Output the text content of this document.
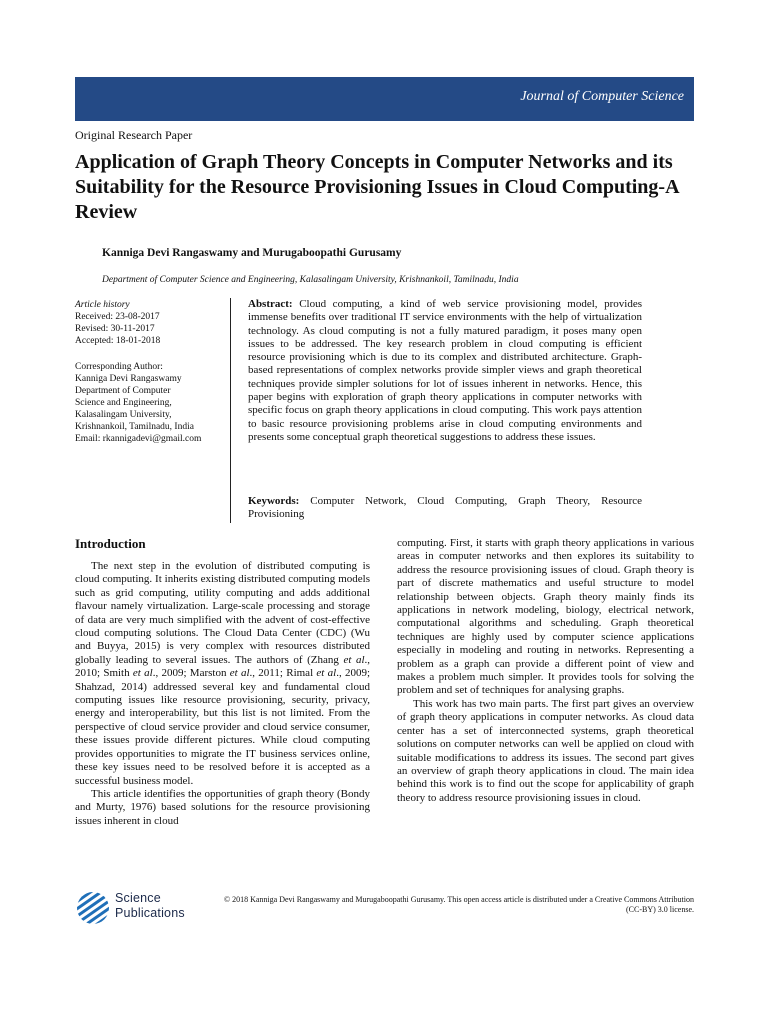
Journal of Computer Science
Original Research Paper
Application of Graph Theory Concepts in Computer Networks and its Suitability for the Resource Provisioning Issues in Cloud Computing-A Review
Kanniga Devi Rangaswamy and Murugaboopathi Gurusamy
Department of Computer Science and Engineering, Kalasalingam University, Krishnankoil, Tamilnadu, India

Article history

Received: 23-08-2017

Revised: 30-11-2017

Accepted: 18-01-2018

Corresponding Author:

Kanniga Devi Rangaswamy

Department of Computer

Science and Engineering,

Kalasalingam University,

Krishnankoil, Tamilnadu, India

Email: rkannigadevi@gmail.com

Abstract: Cloud computing, a kind of web service provisioning model, provides immense benefits over traditional IT service environments with the help of virtualization technology. As cloud computing is not a fully matured paradigm, it poses many open issues to be addressed. The key research problem in cloud computing is efficient resource provisioning which is due to its complex and distributed architecture. Graph-based representations of complex networks provide simpler views and graph theoretical techniques provide simpler solutions for lot of issues inherent in networks. Hence, this paper begins with exploration of graph theory applications in computer networks with specific focus on graph theory applications in cloud computing. This work pays attention to basic resource provisioning problems arise in cloud computing environments and presents some conceptual graph theoretical suggestions to address these issues.

Keywords: Computer Network, Cloud Computing, Graph Theory, Resource Provisioning

Introduction

The next step in the evolution of distributed computing is cloud computing. It inherits existing distributed computing models such as grid computing, utility computing and adds additional flavour namely virtualization. Large-scale processing and storage of data are very much simplified with the advent of cost-effective cloud computing solutions. The Cloud Data Center (CDC) (Wu and Buyya, 2015) is very complex with resources distributed globally leading to several issues. The authors of (Zhang et al., 2010; Smith et al., 2009; Marston et al., 2011; Rimal et al., 2009; Shahzad, 2014) addressed several key and fundamental cloud computing issues like resource provisioning, security, privacy, energy and interoperability, but this list is not limited. From the perspective of cloud service provider and cloud service consumer, these issues provide different pictures. While cloud computing provides opportunities to migrate the IT business services online, these key issues need to be resolved before it is accepted as a successful business model.

This article identifies the opportunities of graph theory (Bondy and Murty, 1976) based solutions for the resource provisioning issues inherent in cloud

computing. First, it starts with graph theory applications in various areas in computer networks and then explores its suitability to address the resource provisioning issues of cloud. Graph theory is part of discrete mathematics and useful structure to model relationship between objects. Graph theory mainly finds its applications in network modeling, biology, electrical network, computational algorithms and scheduling. Graph theoretical techniques are highly used by computer science applications especially in modeling and routing in networks. Representing a problem as a graph can provide a different point of view and makes a problem much simpler. It provides tools for solving the problem and set of techniques for analysing graphs.

This work has two main parts. The first part gives an overview of graph theory applications in computer networks. As cloud data center has a set of interconnected systems, graph theoretical solutions on computer networks can well be applied on cloud with suitable modifications to address its issues. The second part gives an overview of graph theory applications in cloud. The main idea behind this work is to find out the scope for applicability of graph theory to address resource provisioning issues in cloud.

Science
Publications
© 2018 Kanniga Devi Rangaswamy and Murugaboopathi Gurusamy. This open access article is distributed under a Creative Commons Attribution (CC-BY) 3.0 license.
